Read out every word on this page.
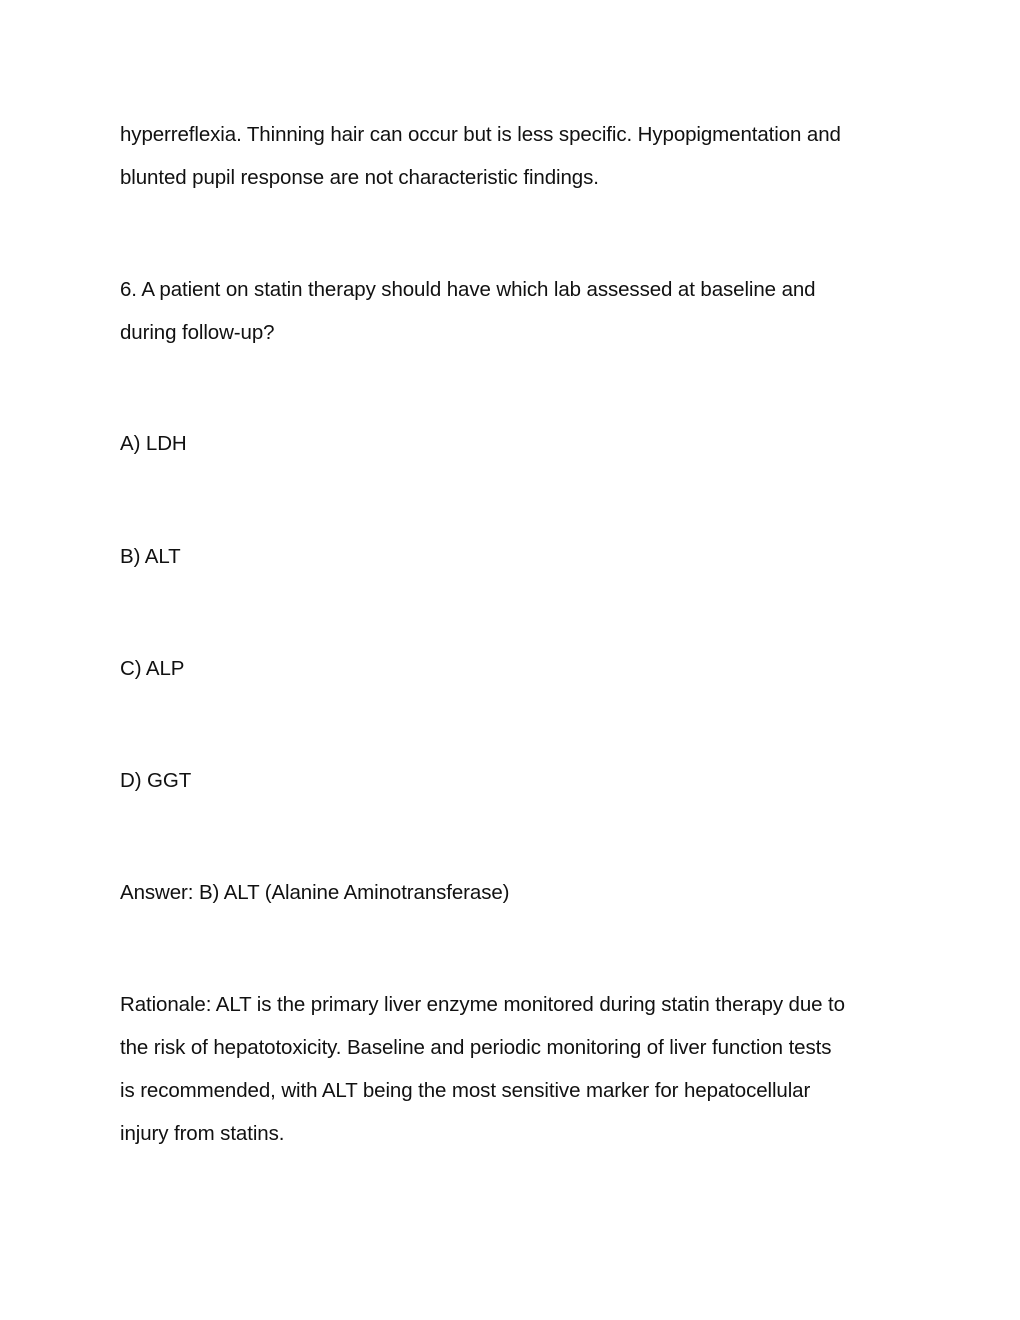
hyperreflexia. Thinning hair can occur but is less specific. Hypopigmentation and
blunted pupil response are not characteristic findings.

6. A patient on statin therapy should have which lab assessed at baseline and
during follow-up?

A) LDH

B) ALT

C) ALP

D) GGT

Answer: B) ALT (Alanine Aminotransferase)

Rationale: ALT is the primary liver enzyme monitored during statin therapy due to
the risk of hepatotoxicity. Baseline and periodic monitoring of liver function tests
is recommended, with ALT being the most sensitive marker for hepatocellular
injury from statins.
